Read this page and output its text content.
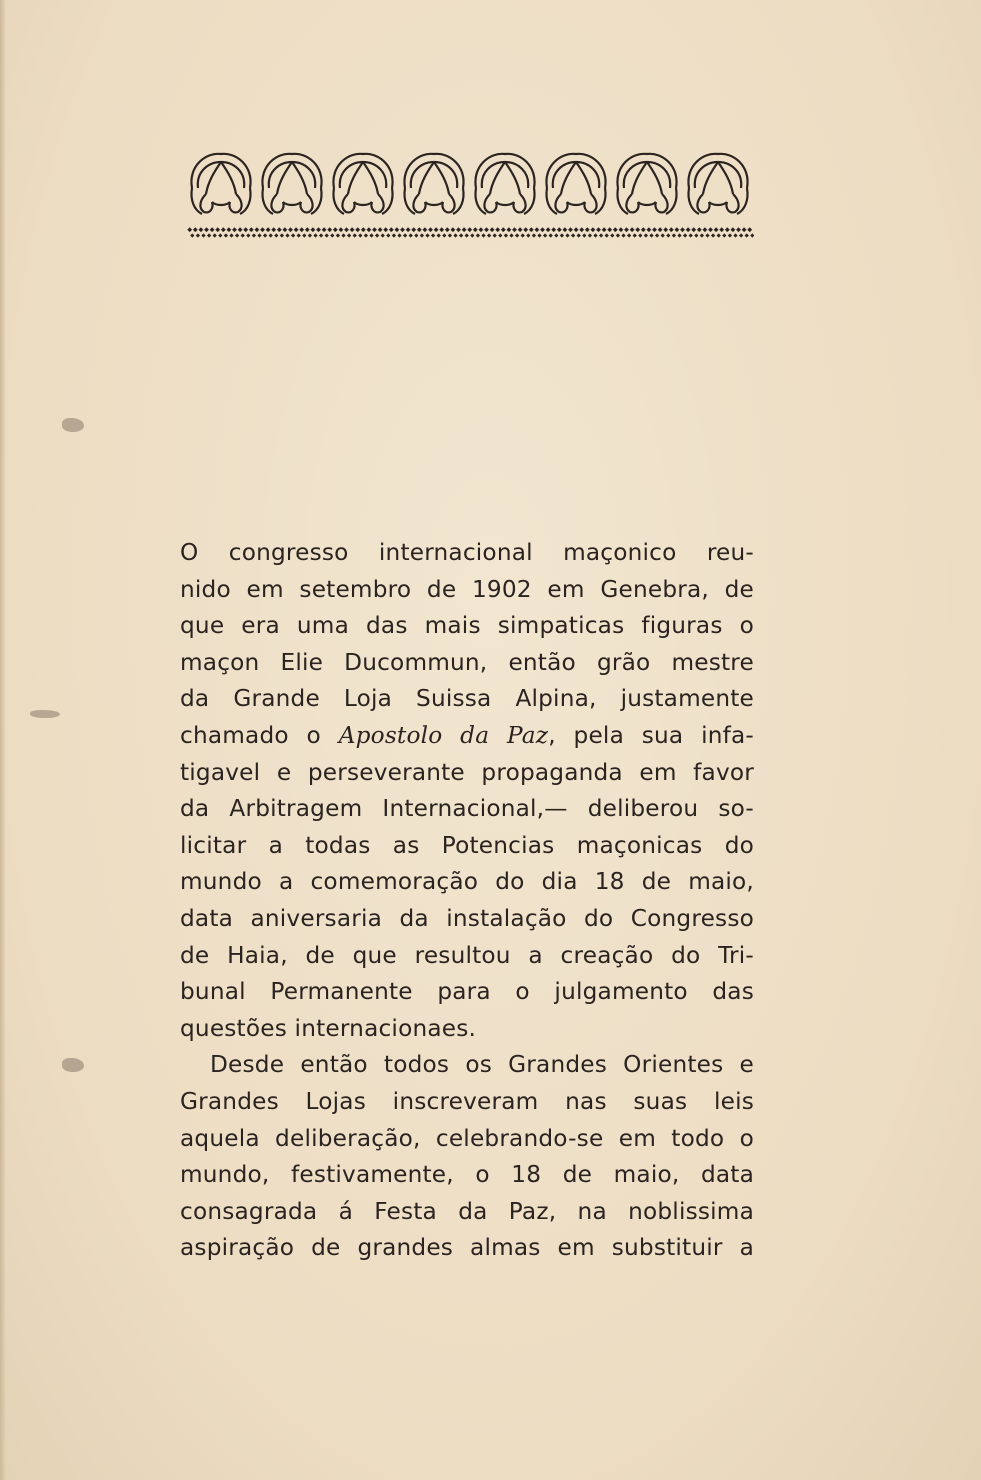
O congresso internacional maçonico reu-
nido em setembro de 1902 em Genebra, de
que era uma das mais simpaticas figuras o
maçon Elie Ducommun, então grão mestre
da Grande Loja Suissa Alpina, justamente
chamado o Apostolo da Paz, pela sua infa-
tigavel e perseverante propaganda em favor
da Arbitragem Internacional,— deliberou so-
licitar a todas as Potencias maçonicas do
mundo a comemoração do dia 18 de maio,
data aniversaria da instalação do Congresso
de Haia, de que resultou a creação do Tri-
bunal Permanente para o julgamento das
questões internacionaes.
Desde então todos os Grandes Orientes e
Grandes Lojas inscreveram nas suas leis
aquela deliberação, celebrando-se em todo o
mundo, festivamente, o 18 de maio, data
consagrada á Festa da Paz, na noblissima
aspiração de grandes almas em substituir a
